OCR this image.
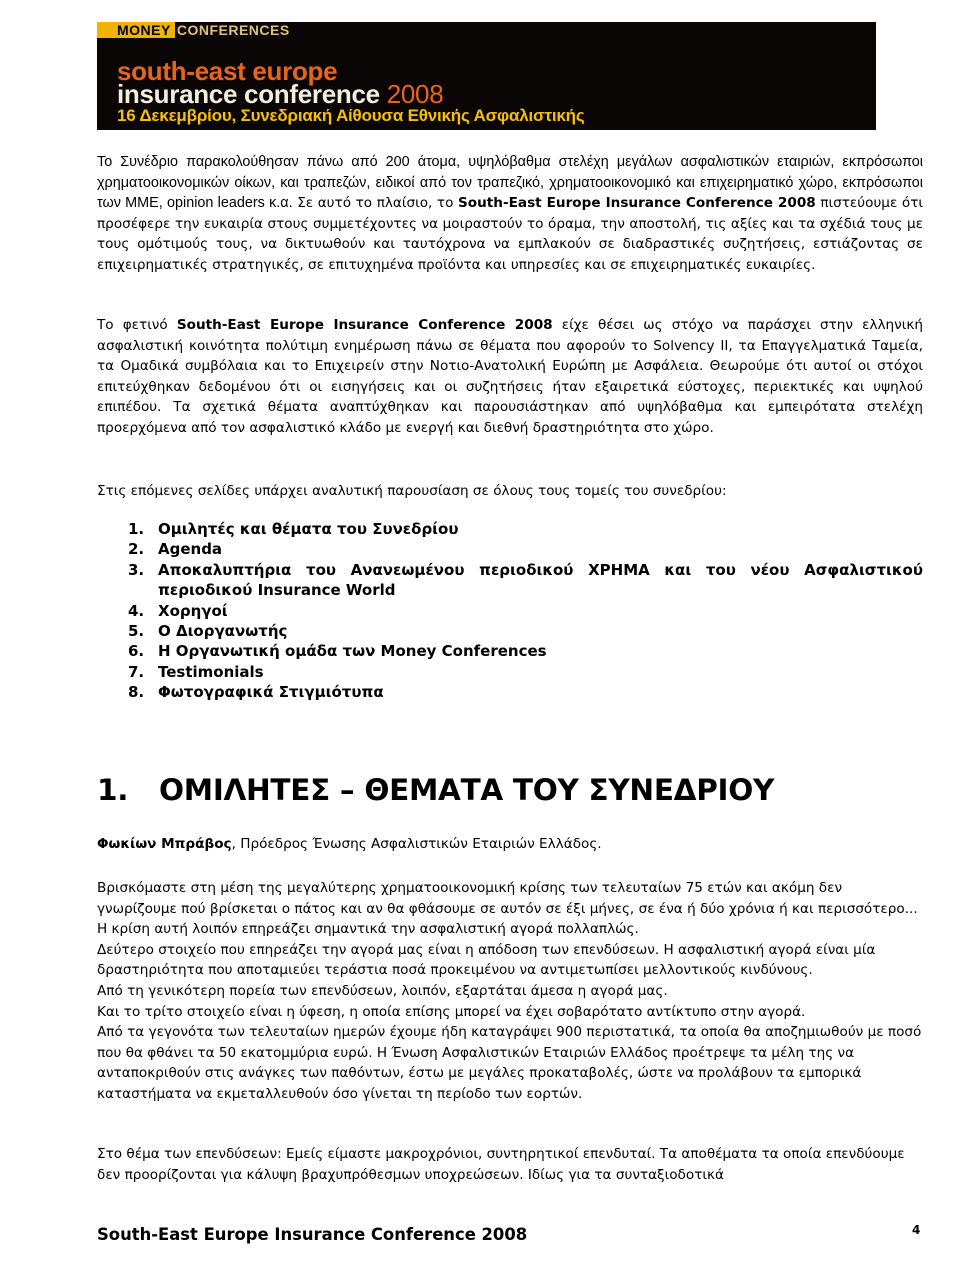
MONEY CONFERENCES
south-east europe
insurance conference 2008
16 Δεκεμβρίου, Συνεδριακή Αίθουσα Εθνικής Ασφαλιστικής

Το Συνέδριο παρακολούθησαν πάνω από 200 άτομα, υψηλόβαθμα στελέχη μεγάλων ασφαλιστικών εταιριών, εκπρόσωποι χρηματοοικονομικών οίκων, και τραπεζών, ειδικοί από τον τραπεζικό, χρηματοοικονομικό και επιχειρηματικό χώρο, εκπρόσωποι των ΜΜΕ, opinion leaders κ.α. Σε αυτό το πλαίσιο, το South-East Europe Insurance Conference 2008 πιστεύουμε ότι προσέφερε την ευκαιρία στους συμμετέχοντες να μοιραστούν το όραμα, την αποστολή, τις αξίες και τα σχέδιά τους με τους ομότιμούς τους, να δικτυωθούν και ταυτόχρονα να εμπλακούν σε διαδραστικές συζητήσεις, εστιάζοντας σε επιχειρηματικές στρατηγικές, σε επιτυχημένα προϊόντα και υπηρεσίες και σε επιχειρηματικές ευκαιρίες.

Το φετινό South-East Europe Insurance Conference 2008 είχε θέσει ως στόχο να παράσχει στην ελληνική ασφαλιστική κοινότητα πολύτιμη ενημέρωση πάνω σε θέματα που αφορούν το Solvency II, τα Επαγγελματικά Ταμεία, τα Ομαδικά συμβόλαια και το Επιχειρείν στην Νοτιο-Ανατολική Ευρώπη με Ασφάλεια. Θεωρούμε ότι αυτοί οι στόχοι επιτεύχθηκαν δεδομένου ότι οι εισηγήσεις και οι συζητήσεις ήταν εξαιρετικά εύστοχες, περιεκτικές και υψηλού επιπέδου. Τα σχετικά θέματα αναπτύχθηκαν και παρουσιάστηκαν από υψηλόβαθμα και εμπειρότατα στελέχη προερχόμενα από τον ασφαλιστικό κλάδο με ενεργή και διεθνή δραστηριότητα στο χώρο.

Στις επόμενες σελίδες υπάρχει αναλυτική παρουσίαση σε όλους τους τομείς του συνεδρίου:

1. Ομιλητές και θέματα του Συνεδρίου
2. Agenda
3. Αποκαλυπτήρια του Ανανεωμένου περιοδικού ΧΡΗΜΑ και του νέου Ασφαλιστικού περιοδικού Insurance World
4. Χορηγοί
5. Ο Διοργανωτής
6. Η Οργανωτική ομάδα των Money Conferences
7. Testimonials
8. Φωτογραφικά Στιγμιότυπα
1. ΟΜΙΛΗΤΕΣ – ΘΕΜΑΤΑ ΤΟΥ ΣΥΝΕΔΡΙΟΥ

Φωκίων Μπράβος, Πρόεδρος Ένωσης Ασφαλιστικών Εταιριών Ελλάδος.

Βρισκόμαστε στη μέση της μεγαλύτερης χρηματοοικονομική κρίσης των τελευταίων 75 ετών και ακόμη δεν γνωρίζουμε πού βρίσκεται ο πάτος και αν θα φθάσουμε σε αυτόν σε έξι μήνες, σε ένα ή δύο χρόνια ή και περισσότερο... Η κρίση αυτή λοιπόν επηρεάζει σημαντικά την ασφαλιστική αγορά πολλαπλώς.
Δεύτερο στοιχείο που επηρεάζει την αγορά μας είναι η απόδοση των επενδύσεων. Η ασφαλιστική αγορά είναι μία δραστηριότητα που αποταμιεύει τεράστια ποσά προκειμένου να αντιμετωπίσει μελλοντικούς κινδύνους.
Από τη γενικότερη πορεία των επενδύσεων, λοιπόν, εξαρτάται άμεσα η αγορά μας.
Και το τρίτο στοιχείο είναι η ύφεση, η οποία επίσης μπορεί να έχει σοβαρότατο αντίκτυπο στην αγορά.
Από τα γεγονότα των τελευταίων ημερών έχουμε ήδη καταγράψει 900 περιστατικά, τα οποία θα αποζημιωθούν με ποσό που θα φθάνει τα 50 εκατομμύρια ευρώ. Η Ένωση Ασφαλιστικών Εταιριών Ελλάδος προέτρεψε τα μέλη της να ανταποκριθούν στις ανάγκες των παθόντων, έστω με μεγάλες προκαταβολές, ώστε να προλάβουν τα εμπορικά καταστήματα να εκμεταλλευθούν όσο γίνεται τη περίοδο των εορτών.

Στο θέμα των επενδύσεων: Εμείς είμαστε μακροχρόνιοι, συντηρητικοί επενδυταί. Τα αποθέματα τα οποία επενδύουμε δεν προορίζονται για κάλυψη βραχυπρόθεσμων υποχρεώσεων. Ιδίως για τα συνταξιοδοτικά

South-East Europe Insurance Conference 2008	4
